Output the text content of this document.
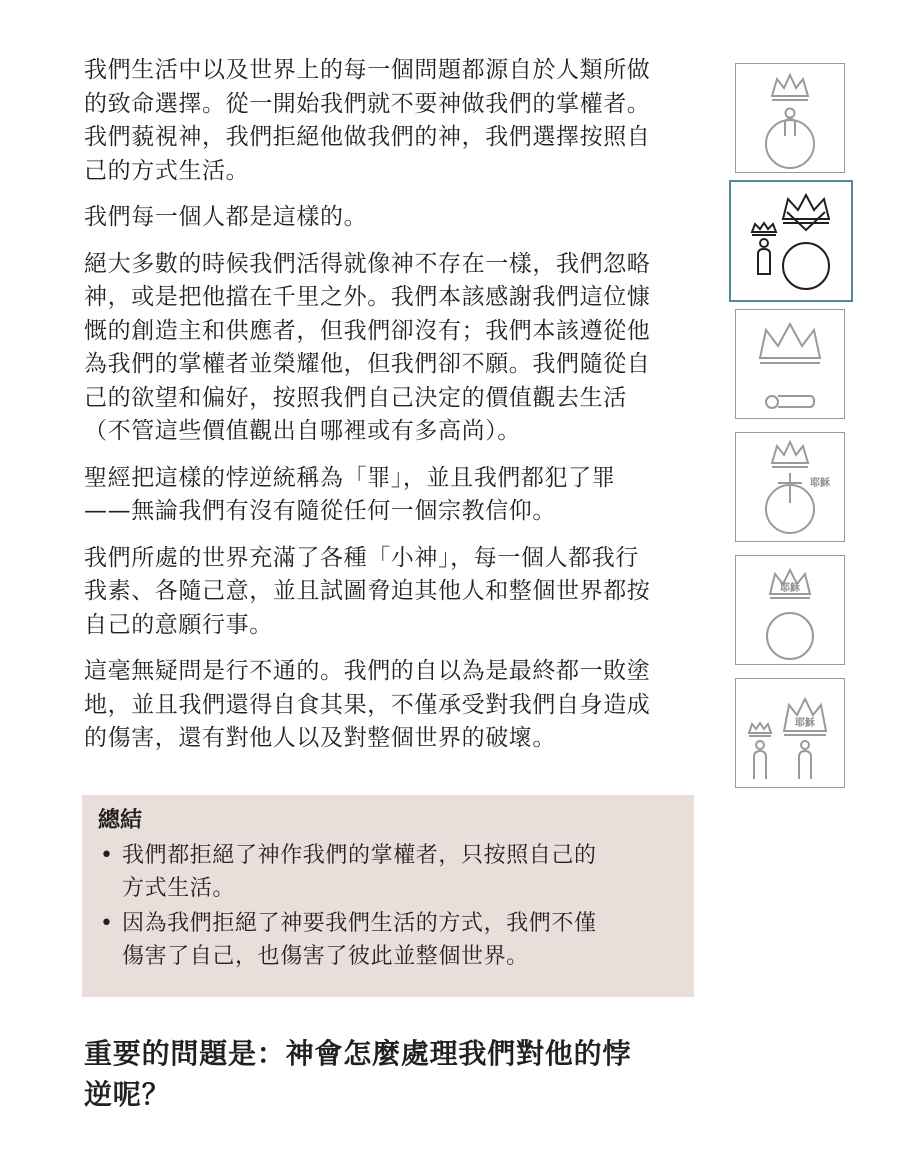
我們生活中以及世界上的每一個問題都源自於人類所做
的致命選擇。從一開始我們就不要神做我們的掌權者。
我們藐視神，我們拒絕他做我們的神，我們選擇按照自
己的方式生活。

我們每一個人都是這樣的。

絕大多數的時候我們活得就像神不存在一樣，我們忽略
神，或是把他擋在千里之外。我們本該感謝我們這位慷
慨的創造主和供應者，但我們卻沒有；我們本該遵從他
為我們的掌權者並榮耀他，但我們卻不願。我們隨從自
己的欲望和偏好，按照我們自己決定的價值觀去生活
（不管這些價值觀出自哪裡或有多高尚）。

聖經把這樣的悖逆統稱為「罪」，並且我們都犯了罪
——無論我們有沒有隨從任何一個宗教信仰。

我們所處的世界充滿了各種「小神」，每一個人都我行
我素、各隨己意，並且試圖脅迫其他人和整個世界都按
自己的意願行事。

這毫無疑問是行不通的。我們的自以為是最終都一敗塗
地，並且我們還得自食其果，不僅承受對我們自身造成
的傷害，還有對他人以及對整個世界的破壞。

總結

• 我們都拒絕了神作我們的掌權者，只按照自己的
方式生活。
• 因為我們拒絕了神要我們生活的方式，我們不僅
傷害了自己，也傷害了彼此並整個世界。

重要的問題是：神會怎麼處理我們對他的悖
逆呢？

耶穌
耶穌
耶穌
